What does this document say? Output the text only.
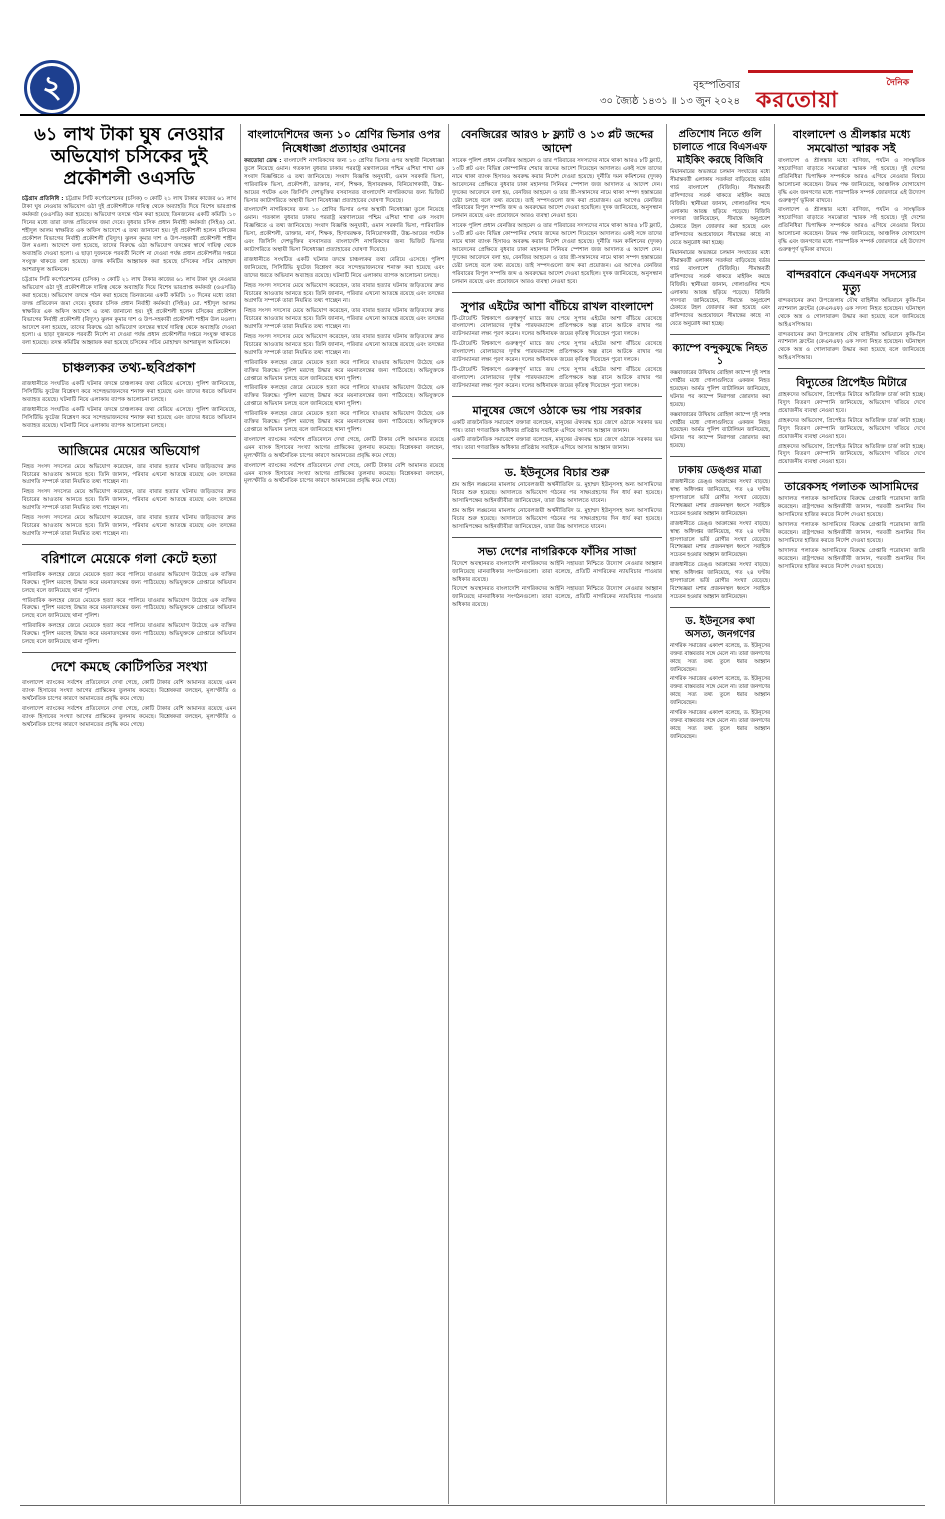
২	বৃহস্পতিবার
৩০ জ্যৈষ্ঠ ১৪৩১ ॥ ১৩ জুন ২০২৪
দৈনিক
করতোয়া
৬১ লাখ টাকা ঘুষ নেওয়ার অভিযোগ চসিকের দুই প্রকৌশলী ওএসডি

চট্টগ্রাম প্রতিনিধি : চট্টগ্রাম সিটি কর্পোরেশনের (চসিক) ৩ কোটি ২১ লাখ টাকার কাজের ৬১ লাখ টাকা ঘুষ নেওয়ার অভিযোগ ওঠা দুই প্রকৌশলীকে দায়িত্ব থেকে অব্যাহতি দিয়ে বিশেষ ভারপ্রাপ্ত কর্মকর্তা (ওএসডি) করা হয়েছে। অভিযোগ তদন্তে গঠন করা হয়েছে তিনজনের একটি কমিটি। ১০ দিনের মধ্যে তারা তদন্ত প্রতিবেদন জমা দেবে। বুধবার চসিক প্রধান নির্বাহী কর্মকর্তা (সিইও) মো. শহীদুল আলম স্বাক্ষরিত এক অফিস আদেশে এ তথ্য জানানো হয়। দুই প্রকৌশলী হলেন চসিকের প্রকৌশল বিভাগের নির্বাহী প্রকৌশলী (বিদ্যুৎ) ঝুলন কুমার দাশ ও উপ-সহকারী প্রকৌশলী শাহীন উল মওলা। আদেশে বলা হয়েছে, তাদের বিরুদ্ধে ওঠা অভিযোগ তদন্তের স্বার্থে দায়িত্ব থেকে অব্যাহতি দেওয়া হলো। এ ছাড়া দুজনকে পরবর্তী নির্দেশ না দেওয়া পর্যন্ত প্রধান প্রকৌশলীর দপ্তরে সংযুক্ত থাকতে বলা হয়েছে। তদন্ত কমিটির আহ্বায়ক করা হয়েছে চসিকের সচিব মোহাম্মদ আশরাফুল আমিনকে।

চট্টগ্রাম সিটি কর্পোরেশনের (চসিক) ৩ কোটি ২১ লাখ টাকার কাজের ৬১ লাখ টাকা ঘুষ নেওয়ার অভিযোগ ওঠা দুই প্রকৌশলীকে দায়িত্ব থেকে অব্যাহতি দিয়ে বিশেষ ভারপ্রাপ্ত কর্মকর্তা (ওএসডি) করা হয়েছে। অভিযোগ তদন্তে গঠন করা হয়েছে তিনজনের একটি কমিটি। ১০ দিনের মধ্যে তারা তদন্ত প্রতিবেদন জমা দেবে। বুধবার চসিক প্রধান নির্বাহী কর্মকর্তা (সিইও) মো. শহীদুল আলম স্বাক্ষরিত এক অফিস আদেশে এ তথ্য জানানো হয়। দুই প্রকৌশলী হলেন চসিকের প্রকৌশল বিভাগের নির্বাহী প্রকৌশলী (বিদ্যুৎ) ঝুলন কুমার দাশ ও উপ-সহকারী প্রকৌশলী শাহীন উল মওলা। আদেশে বলা হয়েছে, তাদের বিরুদ্ধে ওঠা অভিযোগ তদন্তের স্বার্থে দায়িত্ব থেকে অব্যাহতি দেওয়া হলো। এ ছাড়া দুজনকে পরবর্তী নির্দেশ না দেওয়া পর্যন্ত প্রধান প্রকৌশলীর দপ্তরে সংযুক্ত থাকতে বলা হয়েছে। তদন্ত কমিটির আহ্বায়ক করা হয়েছে চসিকের সচিব মোহাম্মদ আশরাফুল আমিনকে।

চাঞ্চল্যকর তথ্য-ছবিপ্রকাশ

রাজধানীতে সংঘটিত একটি ঘটনার তদন্তে চাঞ্চল্যকর তথ্য বেরিয়ে এসেছে। পুলিশ জানিয়েছে, সিসিটিভি ফুটেজ বিশ্লেষণ করে সন্দেহভাজনদের শনাক্ত করা হয়েছে এবং তাদের ধরতে অভিযান অব্যাহত রয়েছে। ঘটনাটি নিয়ে এলাকায় ব্যাপক আলোচনা চলছে।

রাজধানীতে সংঘটিত একটি ঘটনার তদন্তে চাঞ্চল্যকর তথ্য বেরিয়ে এসেছে। পুলিশ জানিয়েছে, সিসিটিভি ফুটেজ বিশ্লেষণ করে সন্দেহভাজনদের শনাক্ত করা হয়েছে এবং তাদের ধরতে অভিযান অব্যাহত রয়েছে। ঘটনাটি নিয়ে এলাকায় ব্যাপক আলোচনা চলছে।

আজিমের মেয়ের অভিযোগ

নিহত সংসদ সদস্যের মেয়ে অভিযোগ করেছেন, তার বাবার হত্যার ঘটনায় জড়িতদের দ্রুত বিচারের আওতায় আনতে হবে। তিনি জানান, পরিবার এখনো আতঙ্কে রয়েছে এবং তদন্তের অগ্রগতি সম্পর্কে তারা নিয়মিত তথ্য পাচ্ছেন না।

নিহত সংসদ সদস্যের মেয়ে অভিযোগ করেছেন, তার বাবার হত্যার ঘটনায় জড়িতদের দ্রুত বিচারের আওতায় আনতে হবে। তিনি জানান, পরিবার এখনো আতঙ্কে রয়েছে এবং তদন্তের অগ্রগতি সম্পর্কে তারা নিয়মিত তথ্য পাচ্ছেন না।

নিহত সংসদ সদস্যের মেয়ে অভিযোগ করেছেন, তার বাবার হত্যার ঘটনায় জড়িতদের দ্রুত বিচারের আওতায় আনতে হবে। তিনি জানান, পরিবার এখনো আতঙ্কে রয়েছে এবং তদন্তের অগ্রগতি সম্পর্কে তারা নিয়মিত তথ্য পাচ্ছেন না।

বরিশালে মেয়েকে গলা কেটে হত্যা

পারিবারিক কলহের জেরে মেয়েকে হত্যা করে পালিয়ে যাওয়ার অভিযোগ উঠেছে এক ব্যক্তির বিরুদ্ধে। পুলিশ মরদেহ উদ্ধার করে ময়নাতদন্তের জন্য পাঠিয়েছে। অভিযুক্তকে গ্রেপ্তারে অভিযান চলছে বলে জানিয়েছে থানা পুলিশ।

পারিবারিক কলহের জেরে মেয়েকে হত্যা করে পালিয়ে যাওয়ার অভিযোগ উঠেছে এক ব্যক্তির বিরুদ্ধে। পুলিশ মরদেহ উদ্ধার করে ময়নাতদন্তের জন্য পাঠিয়েছে। অভিযুক্তকে গ্রেপ্তারে অভিযান চলছে বলে জানিয়েছে থানা পুলিশ।

পারিবারিক কলহের জেরে মেয়েকে হত্যা করে পালিয়ে যাওয়ার অভিযোগ উঠেছে এক ব্যক্তির বিরুদ্ধে। পুলিশ মরদেহ উদ্ধার করে ময়নাতদন্তের জন্য পাঠিয়েছে। অভিযুক্তকে গ্রেপ্তারে অভিযান চলছে বলে জানিয়েছে থানা পুলিশ।

দেশে কমছে কোটিপতির সংখ্যা

বাংলাদেশ ব্যাংকের সর্বশেষ প্রতিবেদনে দেখা গেছে, কোটি টাকার বেশি আমানত রয়েছে এমন ব্যাংক হিসাবের সংখ্যা আগের প্রান্তিকের তুলনায় কমেছে। বিশ্লেষকরা বলছেন, মূল্যস্ফীতি ও অর্থনৈতিক চাপের কারণে আমানতের প্রবৃদ্ধি কমে গেছে।

বাংলাদেশ ব্যাংকের সর্বশেষ প্রতিবেদনে দেখা গেছে, কোটি টাকার বেশি আমানত রয়েছে এমন ব্যাংক হিসাবের সংখ্যা আগের প্রান্তিকের তুলনায় কমেছে। বিশ্লেষকরা বলছেন, মূল্যস্ফীতি ও অর্থনৈতিক চাপের কারণে আমানতের প্রবৃদ্ধি কমে গেছে।

বাংলাদেশিদের জন্য ১০ শ্রেণির ভিসার ওপর নিষেধাজ্ঞা প্রত্যাহার ওমানের

করতোয়া ডেস্ক : বাংলাদেশি নাগরিকদের জন্য ১০ শ্রেণির ভিসার ওপর অস্থায়ী নিষেধাজ্ঞা তুলে নিয়েছে ওমান। গতকাল বুধবার ঢাকায় পররাষ্ট্র মন্ত্রণালয়ের পশ্চিম এশিয়া শাখা এক সংবাদ বিজ্ঞপ্তিতে এ তথ্য জানিয়েছে। সংবাদ বিজ্ঞপ্তি অনুযায়ী, ওমান সরকারি ভিসা, পারিবারিক ভিসা, প্রকৌশলী, ডাক্তার, নার্স, শিক্ষক, হিসাবরক্ষক, বিনিয়োগকারী, উচ্চ-আয়ের পর্যটক এবং জিসিসি দেশভুক্তির বসবাসরত বাংলাদেশি নাগরিকদের জন্য ভিজিট ভিসার ক্যাটাগরিতে অস্থায়ী ভিসা নিষেধাজ্ঞা প্রত্যাহারের ঘোষণা দিয়েছে।

বাংলাদেশি নাগরিকদের জন্য ১০ শ্রেণির ভিসার ওপর অস্থায়ী নিষেধাজ্ঞা তুলে নিয়েছে ওমান। গতকাল বুধবার ঢাকায় পররাষ্ট্র মন্ত্রণালয়ের পশ্চিম এশিয়া শাখা এক সংবাদ বিজ্ঞপ্তিতে এ তথ্য জানিয়েছে। সংবাদ বিজ্ঞপ্তি অনুযায়ী, ওমান সরকারি ভিসা, পারিবারিক ভিসা, প্রকৌশলী, ডাক্তার, নার্স, শিক্ষক, হিসাবরক্ষক, বিনিয়োগকারী, উচ্চ-আয়ের পর্যটক এবং জিসিসি দেশভুক্তির বসবাসরত বাংলাদেশি নাগরিকদের জন্য ভিজিট ভিসার ক্যাটাগরিতে অস্থায়ী ভিসা নিষেধাজ্ঞা প্রত্যাহারের ঘোষণা দিয়েছে।

রাজধানীতে সংঘটিত একটি ঘটনার তদন্তে চাঞ্চল্যকর তথ্য বেরিয়ে এসেছে। পুলিশ জানিয়েছে, সিসিটিভি ফুটেজ বিশ্লেষণ করে সন্দেহভাজনদের শনাক্ত করা হয়েছে এবং তাদের ধরতে অভিযান অব্যাহত রয়েছে। ঘটনাটি নিয়ে এলাকায় ব্যাপক আলোচনা চলছে।

নিহত সংসদ সদস্যের মেয়ে অভিযোগ করেছেন, তার বাবার হত্যার ঘটনায় জড়িতদের দ্রুত বিচারের আওতায় আনতে হবে। তিনি জানান, পরিবার এখনো আতঙ্কে রয়েছে এবং তদন্তের অগ্রগতি সম্পর্কে তারা নিয়মিত তথ্য পাচ্ছেন না।

নিহত সংসদ সদস্যের মেয়ে অভিযোগ করেছেন, তার বাবার হত্যার ঘটনায় জড়িতদের দ্রুত বিচারের আওতায় আনতে হবে। তিনি জানান, পরিবার এখনো আতঙ্কে রয়েছে এবং তদন্তের অগ্রগতি সম্পর্কে তারা নিয়মিত তথ্য পাচ্ছেন না।

নিহত সংসদ সদস্যের মেয়ে অভিযোগ করেছেন, তার বাবার হত্যার ঘটনায় জড়িতদের দ্রুত বিচারের আওতায় আনতে হবে। তিনি জানান, পরিবার এখনো আতঙ্কে রয়েছে এবং তদন্তের অগ্রগতি সম্পর্কে তারা নিয়মিত তথ্য পাচ্ছেন না।

পারিবারিক কলহের জেরে মেয়েকে হত্যা করে পালিয়ে যাওয়ার অভিযোগ উঠেছে এক ব্যক্তির বিরুদ্ধে। পুলিশ মরদেহ উদ্ধার করে ময়নাতদন্তের জন্য পাঠিয়েছে। অভিযুক্তকে গ্রেপ্তারে অভিযান চলছে বলে জানিয়েছে থানা পুলিশ।

পারিবারিক কলহের জেরে মেয়েকে হত্যা করে পালিয়ে যাওয়ার অভিযোগ উঠেছে এক ব্যক্তির বিরুদ্ধে। পুলিশ মরদেহ উদ্ধার করে ময়নাতদন্তের জন্য পাঠিয়েছে। অভিযুক্তকে গ্রেপ্তারে অভিযান চলছে বলে জানিয়েছে থানা পুলিশ।

পারিবারিক কলহের জেরে মেয়েকে হত্যা করে পালিয়ে যাওয়ার অভিযোগ উঠেছে এক ব্যক্তির বিরুদ্ধে। পুলিশ মরদেহ উদ্ধার করে ময়নাতদন্তের জন্য পাঠিয়েছে। অভিযুক্তকে গ্রেপ্তারে অভিযান চলছে বলে জানিয়েছে থানা পুলিশ।

বাংলাদেশ ব্যাংকের সর্বশেষ প্রতিবেদনে দেখা গেছে, কোটি টাকার বেশি আমানত রয়েছে এমন ব্যাংক হিসাবের সংখ্যা আগের প্রান্তিকের তুলনায় কমেছে। বিশ্লেষকরা বলছেন, মূল্যস্ফীতি ও অর্থনৈতিক চাপের কারণে আমানতের প্রবৃদ্ধি কমে গেছে।

বাংলাদেশ ব্যাংকের সর্বশেষ প্রতিবেদনে দেখা গেছে, কোটি টাকার বেশি আমানত রয়েছে এমন ব্যাংক হিসাবের সংখ্যা আগের প্রান্তিকের তুলনায় কমেছে। বিশ্লেষকরা বলছেন, মূল্যস্ফীতি ও অর্থনৈতিক চাপের কারণে আমানতের প্রবৃদ্ধি কমে গেছে।

বেনজিরের আরও ৮ ফ্ল্যাট ও ১৩ প্লট জব্দের আদেশ

সাবেক পুলিশ প্রধান বেনজির আহমেদ ও তার পরিবারের সদস্যদের নামে থাকা আরও ৮টি ফ্ল্যাট, ১৩টি প্লট এবং বিভিন্ন কোম্পানির শেয়ার জব্দের আদেশ দিয়েছেন আদালত। একই সঙ্গে তাদের নামে থাকা ব্যাংক হিসাবও অবরুদ্ধ করার নির্দেশ দেওয়া হয়েছে। দুর্নীতি দমন কমিশনের (দুদক) আবেদনের প্রেক্ষিতে বুধবার ঢাকা মহানগর সিনিয়র স্পেশাল জজ আদালত এ আদেশ দেন। দুদকের আবেদনে বলা হয়, বেনজির আহমেদ ও তার স্ত্রী-সন্তানদের নামে থাকা সম্পদ হস্তান্তরের চেষ্টা চলছে বলে তথ্য রয়েছে। তাই সম্পদগুলো জব্দ করা প্রয়োজন। এর আগেও বেনজির পরিবারের বিপুল সম্পত্তি জব্দ ও অবরুদ্ধের আদেশ দেওয়া হয়েছিল। দুদক জানিয়েছে, অনুসন্ধান চলমান রয়েছে এবং প্রয়োজনে আরও ব্যবস্থা নেওয়া হবে।

সাবেক পুলিশ প্রধান বেনজির আহমেদ ও তার পরিবারের সদস্যদের নামে থাকা আরও ৮টি ফ্ল্যাট, ১৩টি প্লট এবং বিভিন্ন কোম্পানির শেয়ার জব্দের আদেশ দিয়েছেন আদালত। একই সঙ্গে তাদের নামে থাকা ব্যাংক হিসাবও অবরুদ্ধ করার নির্দেশ দেওয়া হয়েছে। দুর্নীতি দমন কমিশনের (দুদক) আবেদনের প্রেক্ষিতে বুধবার ঢাকা মহানগর সিনিয়র স্পেশাল জজ আদালত এ আদেশ দেন। দুদকের আবেদনে বলা হয়, বেনজির আহমেদ ও তার স্ত্রী-সন্তানদের নামে থাকা সম্পদ হস্তান্তরের চেষ্টা চলছে বলে তথ্য রয়েছে। তাই সম্পদগুলো জব্দ করা প্রয়োজন। এর আগেও বেনজির পরিবারের বিপুল সম্পত্তি জব্দ ও অবরুদ্ধের আদেশ দেওয়া হয়েছিল। দুদক জানিয়েছে, অনুসন্ধান চলমান রয়েছে এবং প্রয়োজনে আরও ব্যবস্থা নেওয়া হবে।

সুপার এইটের আশা বাঁচিয়ে রাখল বাংলাদেশ

টি-টোয়েন্টি বিশ্বকাপে গুরুত্বপূর্ণ ম্যাচে জয় পেয়ে সুপার এইটের আশা বাঁচিয়ে রেখেছে বাংলাদেশ। বোলারদের দুর্দান্ত পারফরম্যান্সে প্রতিপক্ষকে অল্প রানে আটকে রাখার পর ব্যাটসম্যানরা লক্ষ্য পূরণ করেন। দলের অধিনায়ক জয়ের কৃতিত্ব দিয়েছেন পুরো দলকে।

টি-টোয়েন্টি বিশ্বকাপে গুরুত্বপূর্ণ ম্যাচে জয় পেয়ে সুপার এইটের আশা বাঁচিয়ে রেখেছে বাংলাদেশ। বোলারদের দুর্দান্ত পারফরম্যান্সে প্রতিপক্ষকে অল্প রানে আটকে রাখার পর ব্যাটসম্যানরা লক্ষ্য পূরণ করেন। দলের অধিনায়ক জয়ের কৃতিত্ব দিয়েছেন পুরো দলকে।

টি-টোয়েন্টি বিশ্বকাপে গুরুত্বপূর্ণ ম্যাচে জয় পেয়ে সুপার এইটের আশা বাঁচিয়ে রেখেছে বাংলাদেশ। বোলারদের দুর্দান্ত পারফরম্যান্সে প্রতিপক্ষকে অল্প রানে আটকে রাখার পর ব্যাটসম্যানরা লক্ষ্য পূরণ করেন। দলের অধিনায়ক জয়ের কৃতিত্ব দিয়েছেন পুরো দলকে।

মানুষের জেগে ওঠাকে ভয় পায় সরকার

একটি রাজনৈতিক সমাবেশে বক্তারা বলেছেন, মানুষের ঐক্যবদ্ধ হয়ে জেগে ওঠাকে সরকার ভয় পায়। তারা গণতান্ত্রিক অধিকার প্রতিষ্ঠায় সবাইকে এগিয়ে আসার আহ্বান জানান।

একটি রাজনৈতিক সমাবেশে বক্তারা বলেছেন, মানুষের ঐক্যবদ্ধ হয়ে জেগে ওঠাকে সরকার ভয় পায়। তারা গণতান্ত্রিক অধিকার প্রতিষ্ঠায় সবাইকে এগিয়ে আসার আহ্বান জানান।

ড. ইউনূসের বিচার শুরু

শ্রম আইন লঙ্ঘনের মামলায় নোবেলজয়ী অর্থনীতিবিদ ড. মুহাম্মদ ইউনূসসহ অন্য আসামিদের বিচার শুরু হয়েছে। আদালতে অভিযোগ গঠনের পর সাক্ষ্যগ্রহণের দিন ধার্য করা হয়েছে। আসামিপক্ষের আইনজীবীরা জানিয়েছেন, তারা উচ্চ আদালতে যাবেন।

শ্রম আইন লঙ্ঘনের মামলায় নোবেলজয়ী অর্থনীতিবিদ ড. মুহাম্মদ ইউনূসসহ অন্য আসামিদের বিচার শুরু হয়েছে। আদালতে অভিযোগ গঠনের পর সাক্ষ্যগ্রহণের দিন ধার্য করা হয়েছে। আসামিপক্ষের আইনজীবীরা জানিয়েছেন, তারা উচ্চ আদালতে যাবেন।

সভ্য দেশের নাগরিককে ফাঁসির সাজা

বিদেশে অবস্থানরত বাংলাদেশি নাগরিকদের আইনি সহায়তা নিশ্চিতে উদ্যোগ নেওয়ার আহ্বান জানিয়েছে মানবাধিকার সংগঠনগুলো। তারা বলেছে, প্রতিটি নাগরিকের ন্যায়বিচার পাওয়ার অধিকার রয়েছে।

বিদেশে অবস্থানরত বাংলাদেশি নাগরিকদের আইনি সহায়তা নিশ্চিতে উদ্যোগ নেওয়ার আহ্বান জানিয়েছে মানবাধিকার সংগঠনগুলো। তারা বলেছে, প্রতিটি নাগরিকের ন্যায়বিচার পাওয়ার অধিকার রয়েছে।

প্রতিশোধ নিতে গুলি চালাতে পারে বিএসএফ মাইকিং করছে বিজিবি

মিয়ানমারের অভ্যন্তরে চলমান সংঘাতের মধ্যে সীমান্তবর্তী এলাকায় সতর্কতা বাড়িয়েছে বর্ডার গার্ড বাংলাদেশ (বিজিবি)। সীমান্তবর্তী বাসিন্দাদের সতর্ক থাকতে মাইকিং করছে বিজিবি। স্থানীয়রা জানান, গোলাগুলির শব্দে এলাকায় আতঙ্ক ছড়িয়ে পড়েছে। বিজিবি সদস্যরা জানিয়েছেন, সীমান্তে অনুপ্রবেশ ঠেকাতে টহল জোরদার করা হয়েছে এবং বাসিন্দাদের অপ্রয়োজনে সীমান্তের কাছে না যেতে অনুরোধ করা হচ্ছে।

মিয়ানমারের অভ্যন্তরে চলমান সংঘাতের মধ্যে সীমান্তবর্তী এলাকায় সতর্কতা বাড়িয়েছে বর্ডার গার্ড বাংলাদেশ (বিজিবি)। সীমান্তবর্তী বাসিন্দাদের সতর্ক থাকতে মাইকিং করছে বিজিবি। স্থানীয়রা জানান, গোলাগুলির শব্দে এলাকায় আতঙ্ক ছড়িয়ে পড়েছে। বিজিবি সদস্যরা জানিয়েছেন, সীমান্তে অনুপ্রবেশ ঠেকাতে টহল জোরদার করা হয়েছে এবং বাসিন্দাদের অপ্রয়োজনে সীমান্তের কাছে না যেতে অনুরোধ করা হচ্ছে।

ক্যাম্পে বন্দুকযুদ্ধে নিহত ১

কক্সবাজারের উখিয়ায় রোহিঙ্গা ক্যাম্পে দুই সশস্ত্র গোষ্ঠীর মধ্যে গোলাগুলিতে একজন নিহত হয়েছেন। আর্মড পুলিশ ব্যাটালিয়ন জানিয়েছে, ঘটনার পর ক্যাম্পে নিরাপত্তা জোরদার করা হয়েছে।

কক্সবাজারের উখিয়ায় রোহিঙ্গা ক্যাম্পে দুই সশস্ত্র গোষ্ঠীর মধ্যে গোলাগুলিতে একজন নিহত হয়েছেন। আর্মড পুলিশ ব্যাটালিয়ন জানিয়েছে, ঘটনার পর ক্যাম্পে নিরাপত্তা জোরদার করা হয়েছে।

ঢাকায় ডেঙ্গুর মাত্রা

রাজধানীতে ডেঙ্গু আক্রান্তের সংখ্যা বাড়ছে। স্বাস্থ্য অধিদপ্তর জানিয়েছে, গত ২৪ ঘণ্টায় হাসপাতালে ভর্তি রোগীর সংখ্যা বেড়েছে। বিশেষজ্ঞরা মশার প্রজননস্থল ধ্বংসে সবাইকে সচেতন হওয়ার আহ্বান জানিয়েছেন।

রাজধানীতে ডেঙ্গু আক্রান্তের সংখ্যা বাড়ছে। স্বাস্থ্য অধিদপ্তর জানিয়েছে, গত ২৪ ঘণ্টায় হাসপাতালে ভর্তি রোগীর সংখ্যা বেড়েছে। বিশেষজ্ঞরা মশার প্রজননস্থল ধ্বংসে সবাইকে সচেতন হওয়ার আহ্বান জানিয়েছেন।

রাজধানীতে ডেঙ্গু আক্রান্তের সংখ্যা বাড়ছে। স্বাস্থ্য অধিদপ্তর জানিয়েছে, গত ২৪ ঘণ্টায় হাসপাতালে ভর্তি রোগীর সংখ্যা বেড়েছে। বিশেষজ্ঞরা মশার প্রজননস্থল ধ্বংসে সবাইকে সচেতন হওয়ার আহ্বান জানিয়েছেন।

ড. ইউনূসের কথা অসত্য, জনগণের

নাগরিক সমাজের একাংশ বলেছে, ড. ইউনূসের বক্তব্য বাস্তবতার সঙ্গে মেলে না। তারা জনগণের কাছে সত্য তথ্য তুলে ধরার আহ্বান জানিয়েছেন।

নাগরিক সমাজের একাংশ বলেছে, ড. ইউনূসের বক্তব্য বাস্তবতার সঙ্গে মেলে না। তারা জনগণের কাছে সত্য তথ্য তুলে ধরার আহ্বান জানিয়েছেন।

নাগরিক সমাজের একাংশ বলেছে, ড. ইউনূসের বক্তব্য বাস্তবতার সঙ্গে মেলে না। তারা জনগণের কাছে সত্য তথ্য তুলে ধরার আহ্বান জানিয়েছেন।

বাংলাদেশ ও শ্রীলঙ্কার মধ্যে সমঝোতা স্মারক সই

বাংলাদেশ ও শ্রীলঙ্কার মধ্যে বাণিজ্য, পর্যটন ও সাংস্কৃতিক সহযোগিতা বাড়াতে সমঝোতা স্মারক সই হয়েছে। দুই দেশের প্রতিনিধিরা দ্বিপাক্ষিক সম্পর্ককে আরও এগিয়ে নেওয়ার বিষয়ে আলোচনা করেছেন। উভয় পক্ষ জানিয়েছে, আঞ্চলিক যোগাযোগ বৃদ্ধি এবং জনগণের মধ্যে পারস্পরিক সম্পর্ক জোরদারে এই উদ্যোগ গুরুত্বপূর্ণ ভূমিকা রাখবে।

বাংলাদেশ ও শ্রীলঙ্কার মধ্যে বাণিজ্য, পর্যটন ও সাংস্কৃতিক সহযোগিতা বাড়াতে সমঝোতা স্মারক সই হয়েছে। দুই দেশের প্রতিনিধিরা দ্বিপাক্ষিক সম্পর্ককে আরও এগিয়ে নেওয়ার বিষয়ে আলোচনা করেছেন। উভয় পক্ষ জানিয়েছে, আঞ্চলিক যোগাযোগ বৃদ্ধি এবং জনগণের মধ্যে পারস্পরিক সম্পর্ক জোরদারে এই উদ্যোগ গুরুত্বপূর্ণ ভূমিকা রাখবে।

বান্দরবানে কেএনএফ সদস্যের মৃত্যু

বান্দরবানের রুমা উপজেলায় যৌথ বাহিনীর অভিযানে কুকি-চিন ন্যাশনাল ফ্রন্টের (কেএনএফ) এক সদস্য নিহত হয়েছেন। ঘটনাস্থল থেকে অস্ত্র ও গোলাবারুদ উদ্ধার করা হয়েছে বলে জানিয়েছে আইএসপিআর।

বান্দরবানের রুমা উপজেলায় যৌথ বাহিনীর অভিযানে কুকি-চিন ন্যাশনাল ফ্রন্টের (কেএনএফ) এক সদস্য নিহত হয়েছেন। ঘটনাস্থল থেকে অস্ত্র ও গোলাবারুদ উদ্ধার করা হয়েছে বলে জানিয়েছে আইএসপিআর।

বিদ্যুতের প্রিপেইড মিটারে

গ্রাহকদের অভিযোগ, প্রিপেইড মিটারে অতিরিক্ত চার্জ কাটা হচ্ছে। বিদ্যুৎ বিতরণ কোম্পানি জানিয়েছে, অভিযোগ খতিয়ে দেখে প্রয়োজনীয় ব্যবস্থা নেওয়া হবে।

গ্রাহকদের অভিযোগ, প্রিপেইড মিটারে অতিরিক্ত চার্জ কাটা হচ্ছে। বিদ্যুৎ বিতরণ কোম্পানি জানিয়েছে, অভিযোগ খতিয়ে দেখে প্রয়োজনীয় ব্যবস্থা নেওয়া হবে।

গ্রাহকদের অভিযোগ, প্রিপেইড মিটারে অতিরিক্ত চার্জ কাটা হচ্ছে। বিদ্যুৎ বিতরণ কোম্পানি জানিয়েছে, অভিযোগ খতিয়ে দেখে প্রয়োজনীয় ব্যবস্থা নেওয়া হবে।

তারেকসহ পলাতক আসামিদের

আদালত পলাতক আসামিদের বিরুদ্ধে গ্রেপ্তারি পরোয়ানা জারি করেছেন। রাষ্ট্রপক্ষের আইনজীবী জানান, পরবর্তী শুনানির দিন আসামিদের হাজির করতে নির্দেশ দেওয়া হয়েছে।

আদালত পলাতক আসামিদের বিরুদ্ধে গ্রেপ্তারি পরোয়ানা জারি করেছেন। রাষ্ট্রপক্ষের আইনজীবী জানান, পরবর্তী শুনানির দিন আসামিদের হাজির করতে নির্দেশ দেওয়া হয়েছে।

আদালত পলাতক আসামিদের বিরুদ্ধে গ্রেপ্তারি পরোয়ানা জারি করেছেন। রাষ্ট্রপক্ষের আইনজীবী জানান, পরবর্তী শুনানির দিন আসামিদের হাজির করতে নির্দেশ দেওয়া হয়েছে।
